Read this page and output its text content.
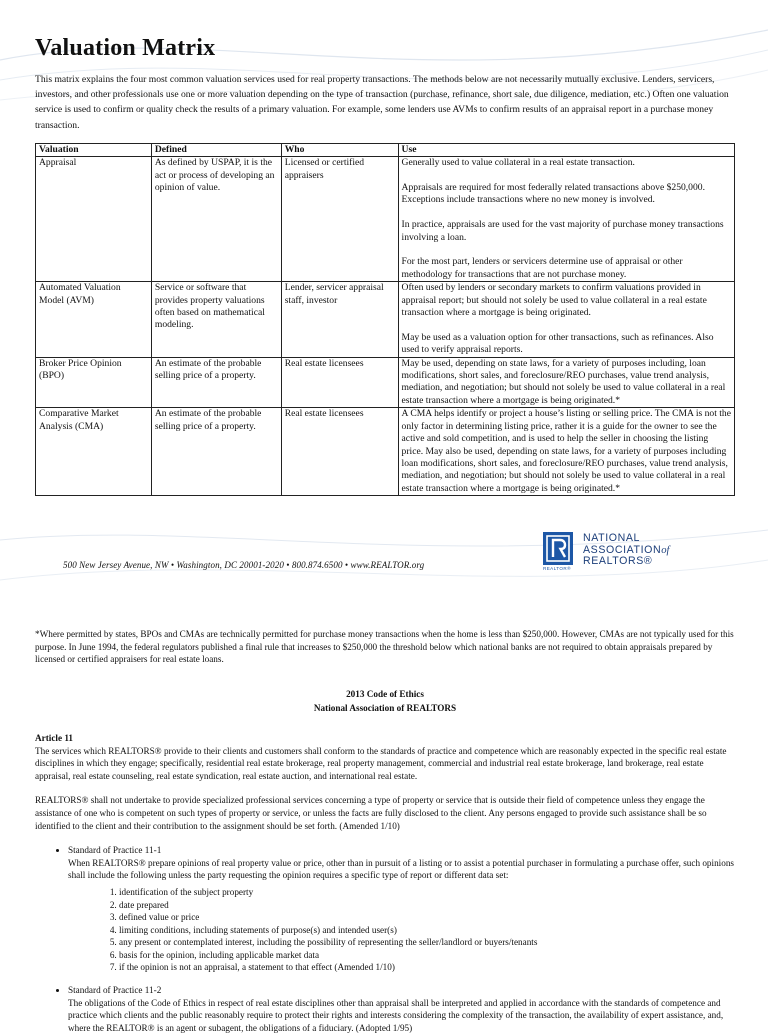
Valuation Matrix
This matrix explains the four most common valuation services used for real property transactions. The methods below are not necessarily mutually exclusive. Lenders, servicers, investors, and other professionals use one or more valuation depending on the type of transaction (purchase, refinance, short sale, due diligence, mediation, etc.) Often one valuation service is used to confirm or quality check the results of a primary valuation. For example, some lenders use AVMs to confirm results of an appraisal report in a purchase money transaction.
Valuation	Defined	Who	Use
Appraisal	As defined by USPAP, it is the act or process of developing an opinion of value.	Licensed or certified appraisers	Generally used to value collateral in a real estate transaction.

Appraisals are required for most federally related transactions above $250,000. Exceptions include transactions where no new money is involved.

In practice, appraisals are used for the vast majority of purchase money transactions involving a loan.

For the most part, lenders or servicers determine use of appraisal or other methodology for transactions that are not purchase money.

Automated Valuation Model (AVM)	Service or software that provides property valuations often based on mathematical modeling.	Lender, servicer appraisal staff, investor	Often used by lenders or secondary markets to confirm valuations provided in appraisal report; but should not solely be used to value collateral in a real estate transaction where a mortgage is being originated.

May be used as a valuation option for other transactions, such as refinances. Also used to verify appraisal reports.

Broker Price Opinion (BPO)	An estimate of the probable selling price of a property.	Real estate licensees	May be used, depending on state laws, for a variety of purposes including, loan modifications, short sales, and foreclosure/REO purchases, value trend analysis, mediation, and negotiation; but should not solely be used to value collateral in a real estate transaction where a mortgage is being originated.*

Comparative Market Analysis (CMA)	An estimate of the probable selling price of a property.	Real estate licensees	A CMA helps identify or project a house’s listing or selling price. The CMA is not the only factor in determining listing price, rather it is a guide for the owner to see the active and sold competition, and is used to help the seller in choosing the listing price. May also be used, depending on state laws, for a variety of purposes including loan modifications, short sales, and foreclosure/REO purchases, value trend analysis, mediation, and negotiation; but should not solely be used to value collateral in a real estate transaction where a mortgage is being originated.*

500 New Jersey Avenue, NW • Washington, DC 20001-2020 • 800.874.6500 • www.REALTOR.org
NATIONAL
ASSOCIATIONof
REALTORS®
REALTOR®

*Where permitted by states, BPOs and CMAs are technically permitted for purchase money transactions when the home is less than $250,000. However, CMAs are not typically used for this purpose. In June 1994, the federal regulators published a final rule that increases to $250,000 the threshold below which national banks are not required to obtain appraisals prepared by licensed or certified appraisers for real estate loans.

2013 Code of Ethics

National Association of REALTORS

Article 11

The services which REALTORS® provide to their clients and customers shall conform to the standards of practice and competence which are reasonably expected in the specific real estate disciplines in which they engage; specifically, residential real estate brokerage, real property management, commercial and industrial real estate brokerage, land brokerage, real estate appraisal, real estate counseling, real estate syndication, real estate auction, and international real estate.

REALTORS® shall not undertake to provide specialized professional services concerning a type of property or service that is outside their field of competence unless they engage the assistance of one who is competent on such types of property or service, or unless the facts are fully disclosed to the client. Any persons engaged to provide such assistance shall be so identified to the client and their contribution to the assignment should be set forth. (Amended 1/10)

• Standard of Practice 11-1
When REALTORS® prepare opinions of real property value or price, other than in pursuit of a listing or to assist a potential purchaser in formulating a purchase offer, such opinions shall include the following unless the party requesting the opinion requires a specific type of report or different data set:
1. identification of the subject property
2. date prepared
3. defined value or price
4. limiting conditions, including statements of purpose(s) and intended user(s)
5. any present or contemplated interest, including the possibility of representing the seller/landlord or buyers/tenants
6. basis for the opinion, including applicable market data
7. if the opinion is not an appraisal, a statement to that effect (Amended 1/10)
• Standard of Practice 11-2
The obligations of the Code of Ethics in respect of real estate disciplines other than appraisal shall be interpreted and applied in accordance with the standards of competence and practice which clients and the public reasonably require to protect their rights and interests considering the complexity of the transaction, the availability of expert assistance, and, where the REALTOR® is an agent or subagent, the obligations of a fiduciary. (Adopted 1/95)
